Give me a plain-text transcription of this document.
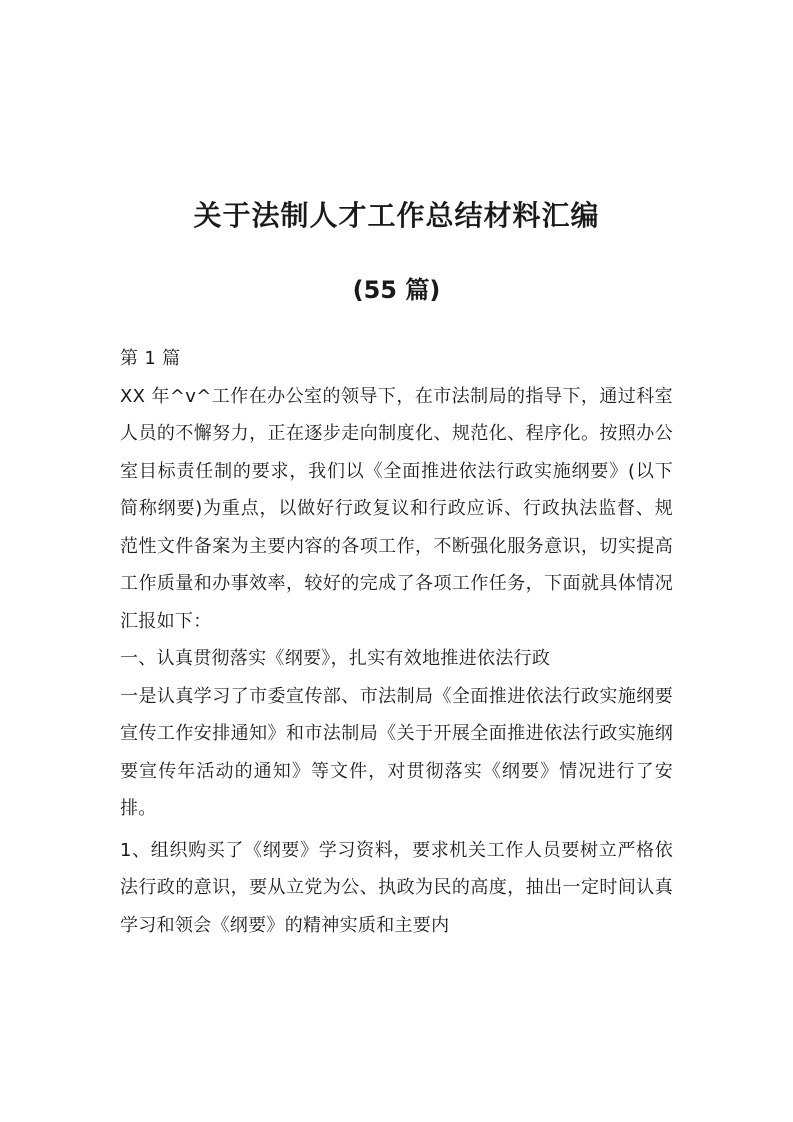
关于法制人才工作总结材料汇编
(55 篇)

第 1 篇

XX 年^v^工作在办公室的领导下，在市法制局的指导下，通过科室人员的不懈努力，正在逐步走向制度化、规范化、程序化。按照办公室目标责任制的要求，我们以《全面推进依法行政实施纲要》(以下简称纲要)为重点，以做好行政复议和行政应诉、行政执法监督、规范性文件备案为主要内容的各项工作，不断强化服务意识，切实提高工作质量和办事效率，较好的完成了各项工作任务，下面就具体情况汇报如下：

一、认真贯彻落实《纲要》，扎实有效地推进依法行政

一是认真学习了市委宣传部、市法制局《全面推进依法行政实施纲要宣传工作安排通知》和市法制局《关于开展全面推进依法行政实施纲要宣传年活动的通知》等文件，对贯彻落实《纲要》情况进行了安排。

1、组织购买了《纲要》学习资料，要求机关工作人员要树立严格依法行政的意识，要从立党为公、执政为民的高度，抽出一定时间认真学习和领会《纲要》的精神实质和主要内
